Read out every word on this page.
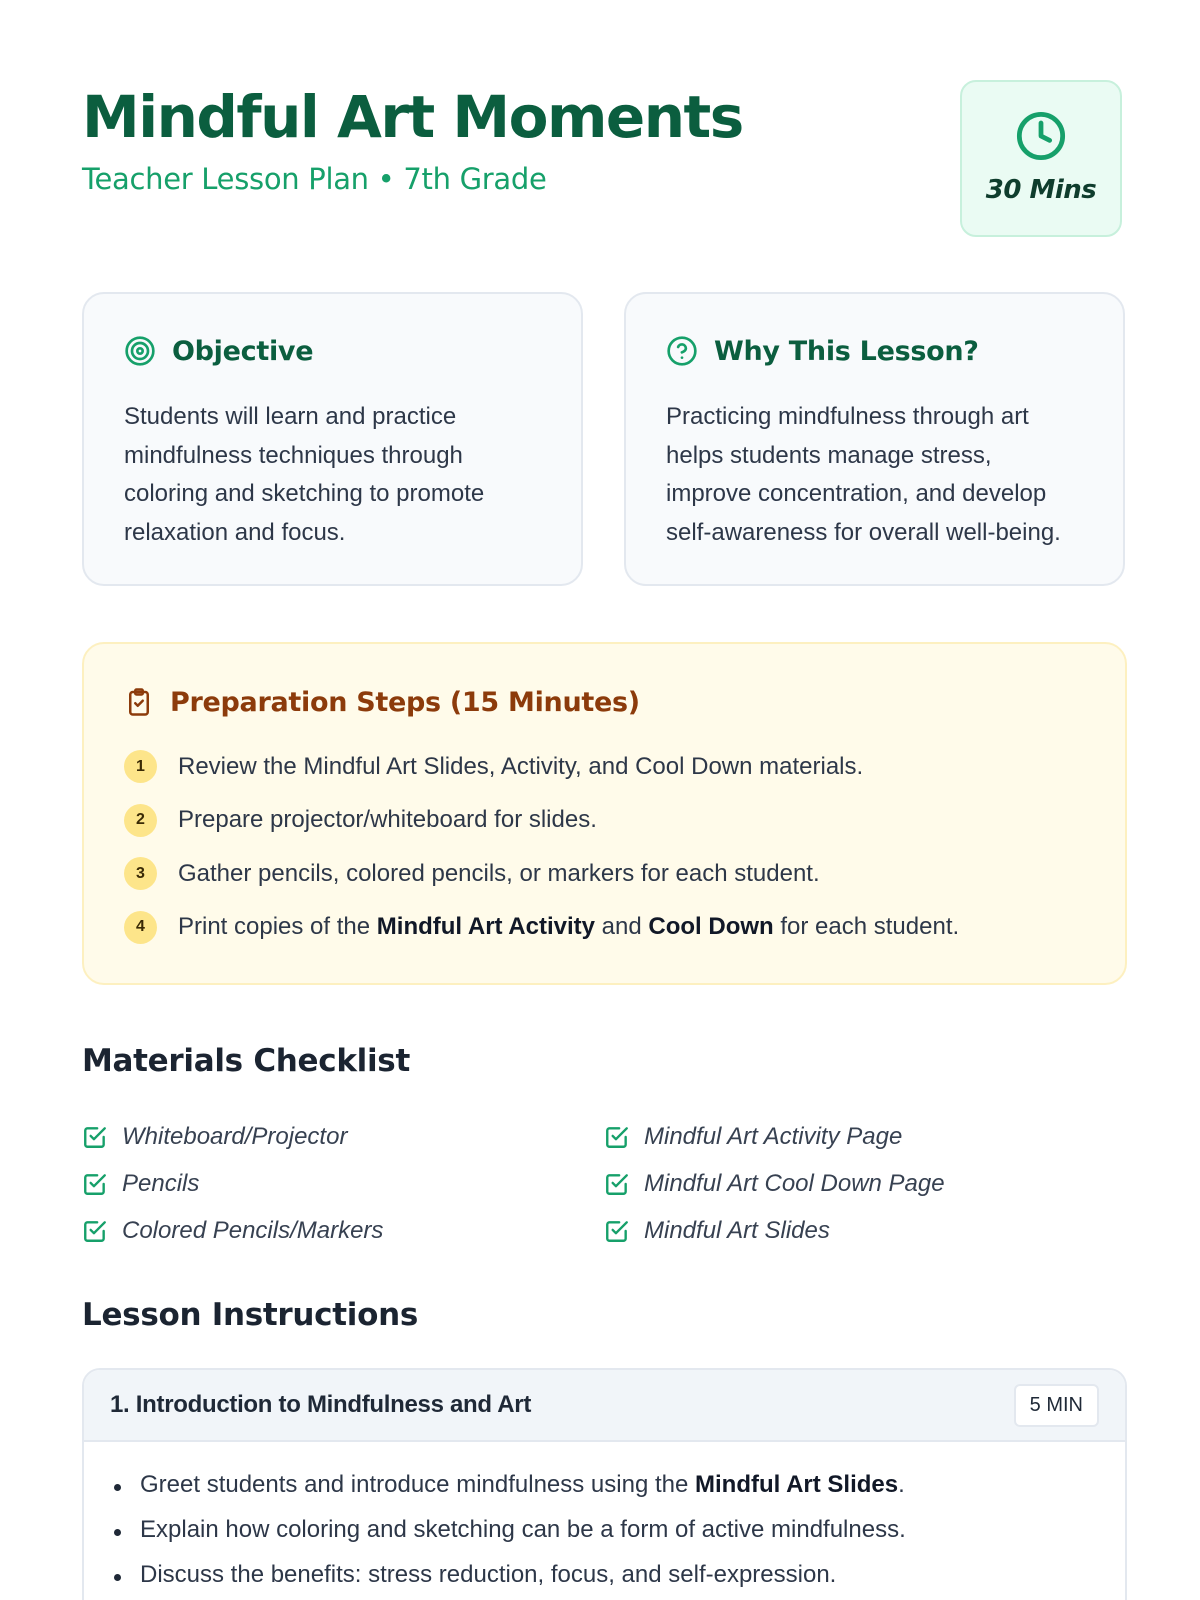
Mindful Art Moments
Teacher Lesson Plan • 7th Grade	30 Mins
Objective

Students will learn and practice mindfulness techniques through coloring and sketching to promote relaxation and focus.

Why This Lesson?

Practicing mindfulness through art helps students manage stress, improve concentration, and develop self-awareness for overall well-being.

Preparation Steps (15 Minutes)
1	Review the Mindful Art Slides, Activity, and Cool Down materials.
2	Prepare projector/whiteboard for slides.
3	Gather pencils, colored pencils, or markers for each student.
4	Print copies of the Mindful Art Activity and Cool Down for each student.
Materials Checklist
Whiteboard/Projector	Mindful Art Activity Page
Pencils	Mindful Art Cool Down Page
Colored Pencils/Markers	Mindful Art Slides
Lesson Instructions
1. Introduction to Mindfulness and Art	5 MIN
Greet students and introduce mindfulness using the Mindful Art Slides.
Explain how coloring and sketching can be a form of active mindfulness.
Discuss the benefits: stress reduction, focus, and self-expression.
